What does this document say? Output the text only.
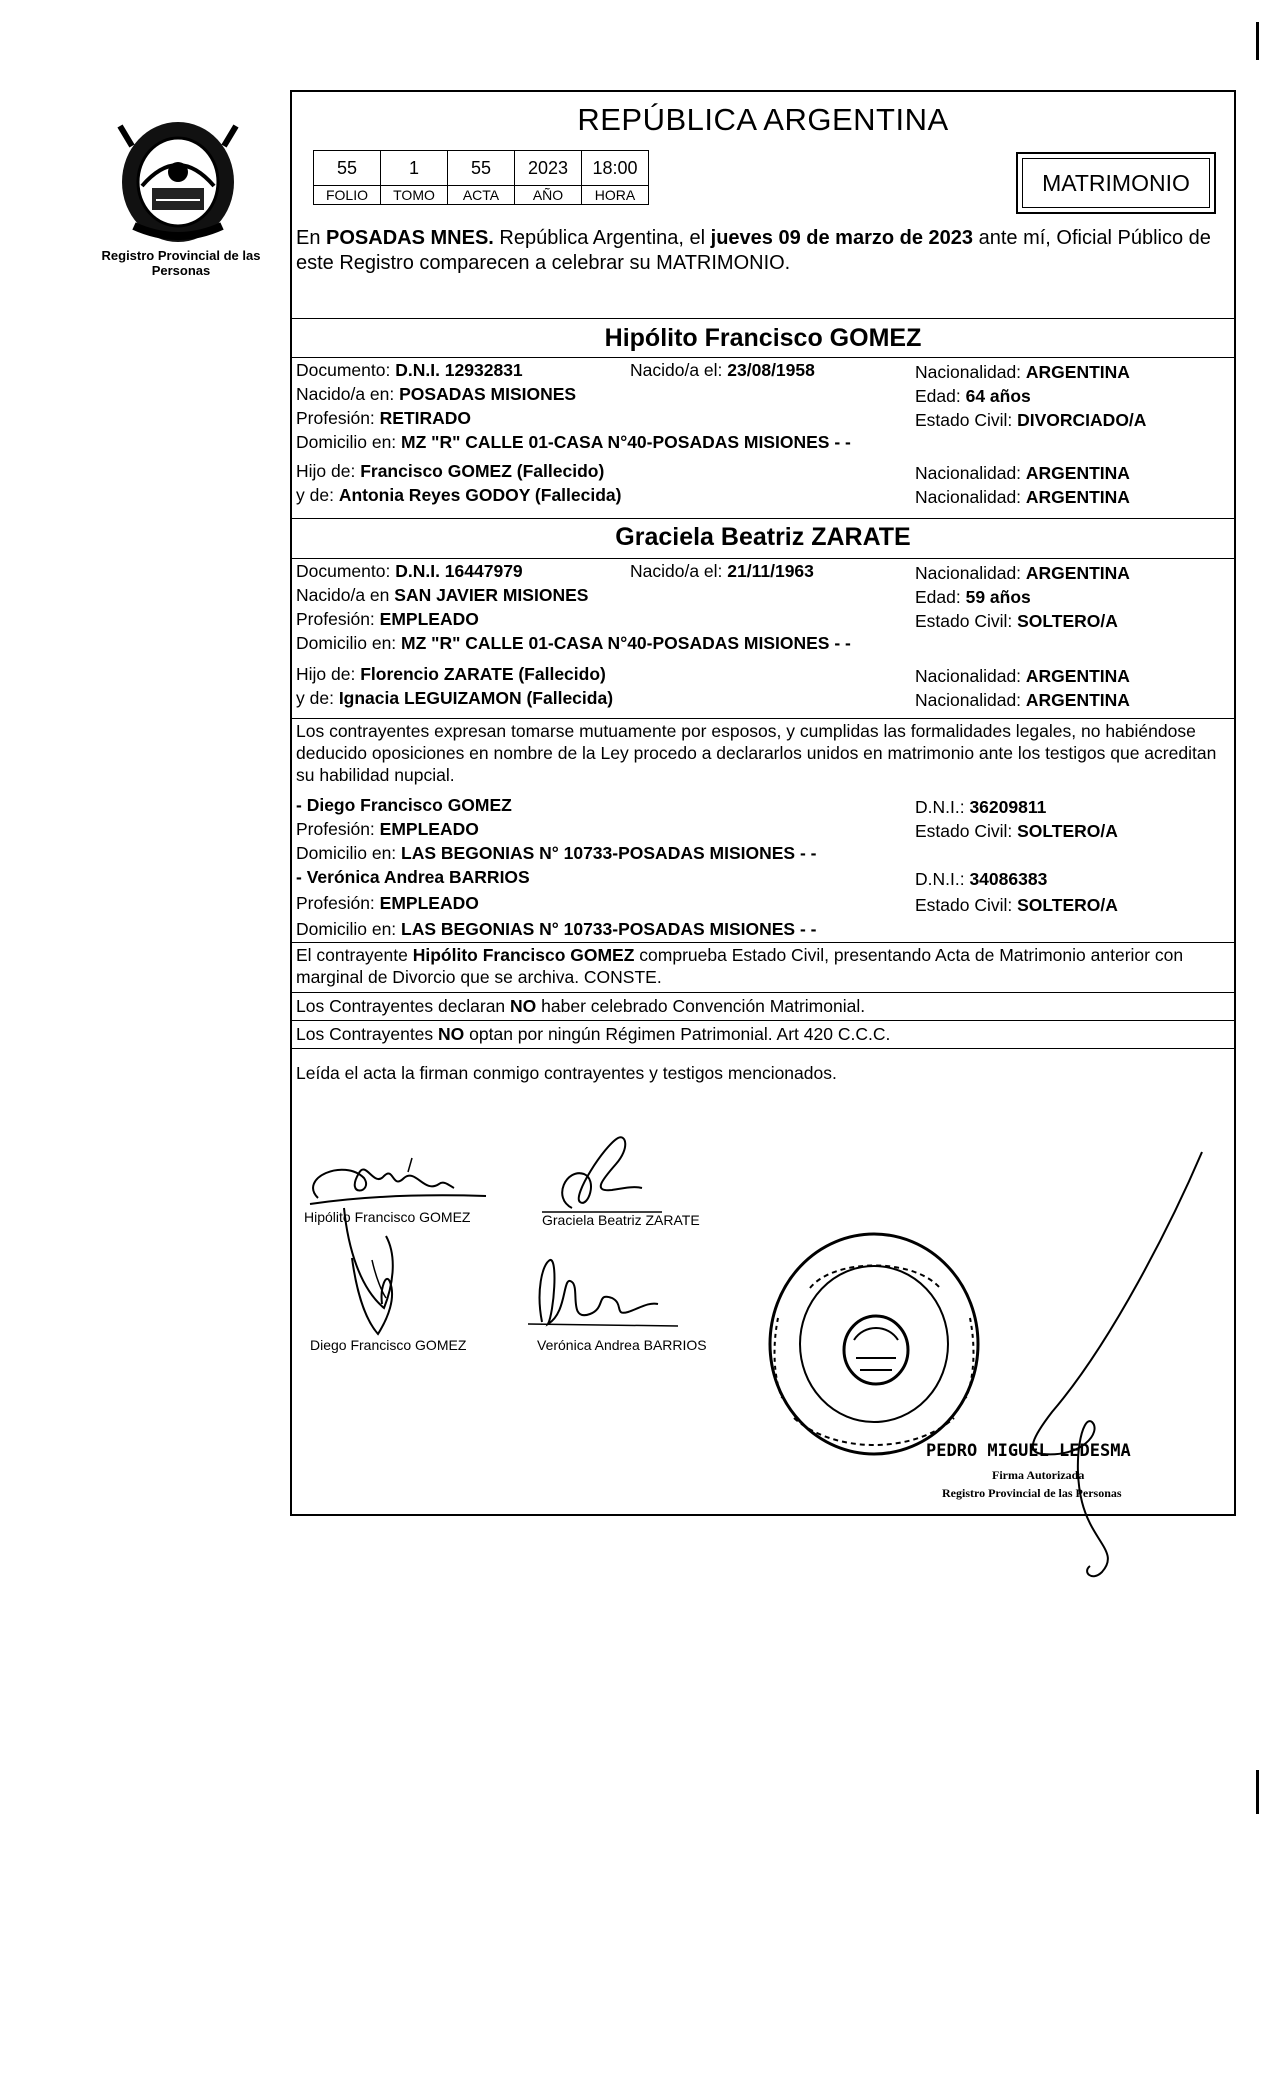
Registro Provincial de las Personas
REPÚBLICA ARGENTINA
55	1	55	2023	18:00
FOLIO	TOMO	ACTA	AÑO	HORA	MATRIMONIO
En POSADAS MNES. República Argentina, el jueves 09 de marzo de 2023 ante mí, Oficial Público de este Registro comparecen a celebrar su MATRIMONIO.
Hipólito Francisco GOMEZ
Documento: D.N.I. 12932831	Nacido/a el: 23/08/1958	Nacionalidad: ARGENTINA
Nacido/a en: POSADAS MISIONES	Edad: 64 años
Profesión: RETIRADO	Estado Civil: DIVORCIADO/A
Domicilio en: MZ "R" CALLE 01-CASA N°40-POSADAS MISIONES - -
Hijo de: Francisco GOMEZ (Fallecido)	Nacionalidad: ARGENTINA
y de: Antonia Reyes GODOY (Fallecida)	Nacionalidad: ARGENTINA
Graciela Beatriz ZARATE
Documento: D.N.I. 16447979	Nacido/a el: 21/11/1963	Nacionalidad: ARGENTINA
Nacido/a en SAN JAVIER MISIONES	Edad: 59 años
Profesión: EMPLEADO	Estado Civil: SOLTERO/A
Domicilio en: MZ "R" CALLE 01-CASA N°40-POSADAS MISIONES - -
Hijo de: Florencio ZARATE (Fallecido)	Nacionalidad: ARGENTINA
y de: Ignacia LEGUIZAMON (Fallecida)	Nacionalidad: ARGENTINA
Los contrayentes expresan tomarse mutuamente por esposos, y cumplidas las formalidades legales, no habiéndose deducido oposiciones en nombre de la Ley procedo a declararlos unidos en matrimonio ante los testigos que acreditan su habilidad nupcial.
- Diego Francisco GOMEZ	D.N.I.: 36209811
Profesión: EMPLEADO	Estado Civil: SOLTERO/A
Domicilio en: LAS BEGONIAS N° 10733-POSADAS MISIONES - -
- Verónica Andrea BARRIOS	D.N.I.: 34086383
Profesión: EMPLEADO	Estado Civil: SOLTERO/A
Domicilio en: LAS BEGONIAS N° 10733-POSADAS MISIONES - -
El contrayente Hipólito Francisco GOMEZ comprueba Estado Civil, presentando Acta de Matrimonio anterior con marginal de Divorcio que se archiva. CONSTE.
Los Contrayentes declaran NO haber celebrado Convención Matrimonial.
Los Contrayentes NO optan por ningún Régimen Patrimonial. Art 420 C.C.C.
Leída el acta la firman conmigo contrayentes y testigos mencionados.
Hipólito Francisco GOMEZ	Graciela Beatriz ZARATE
Diego Francisco GOMEZ	Verónica Andrea BARRIOS
PEDRO MIGUEL LEDESMA
Firma Autorizada
Registro Provincial de las Personas
